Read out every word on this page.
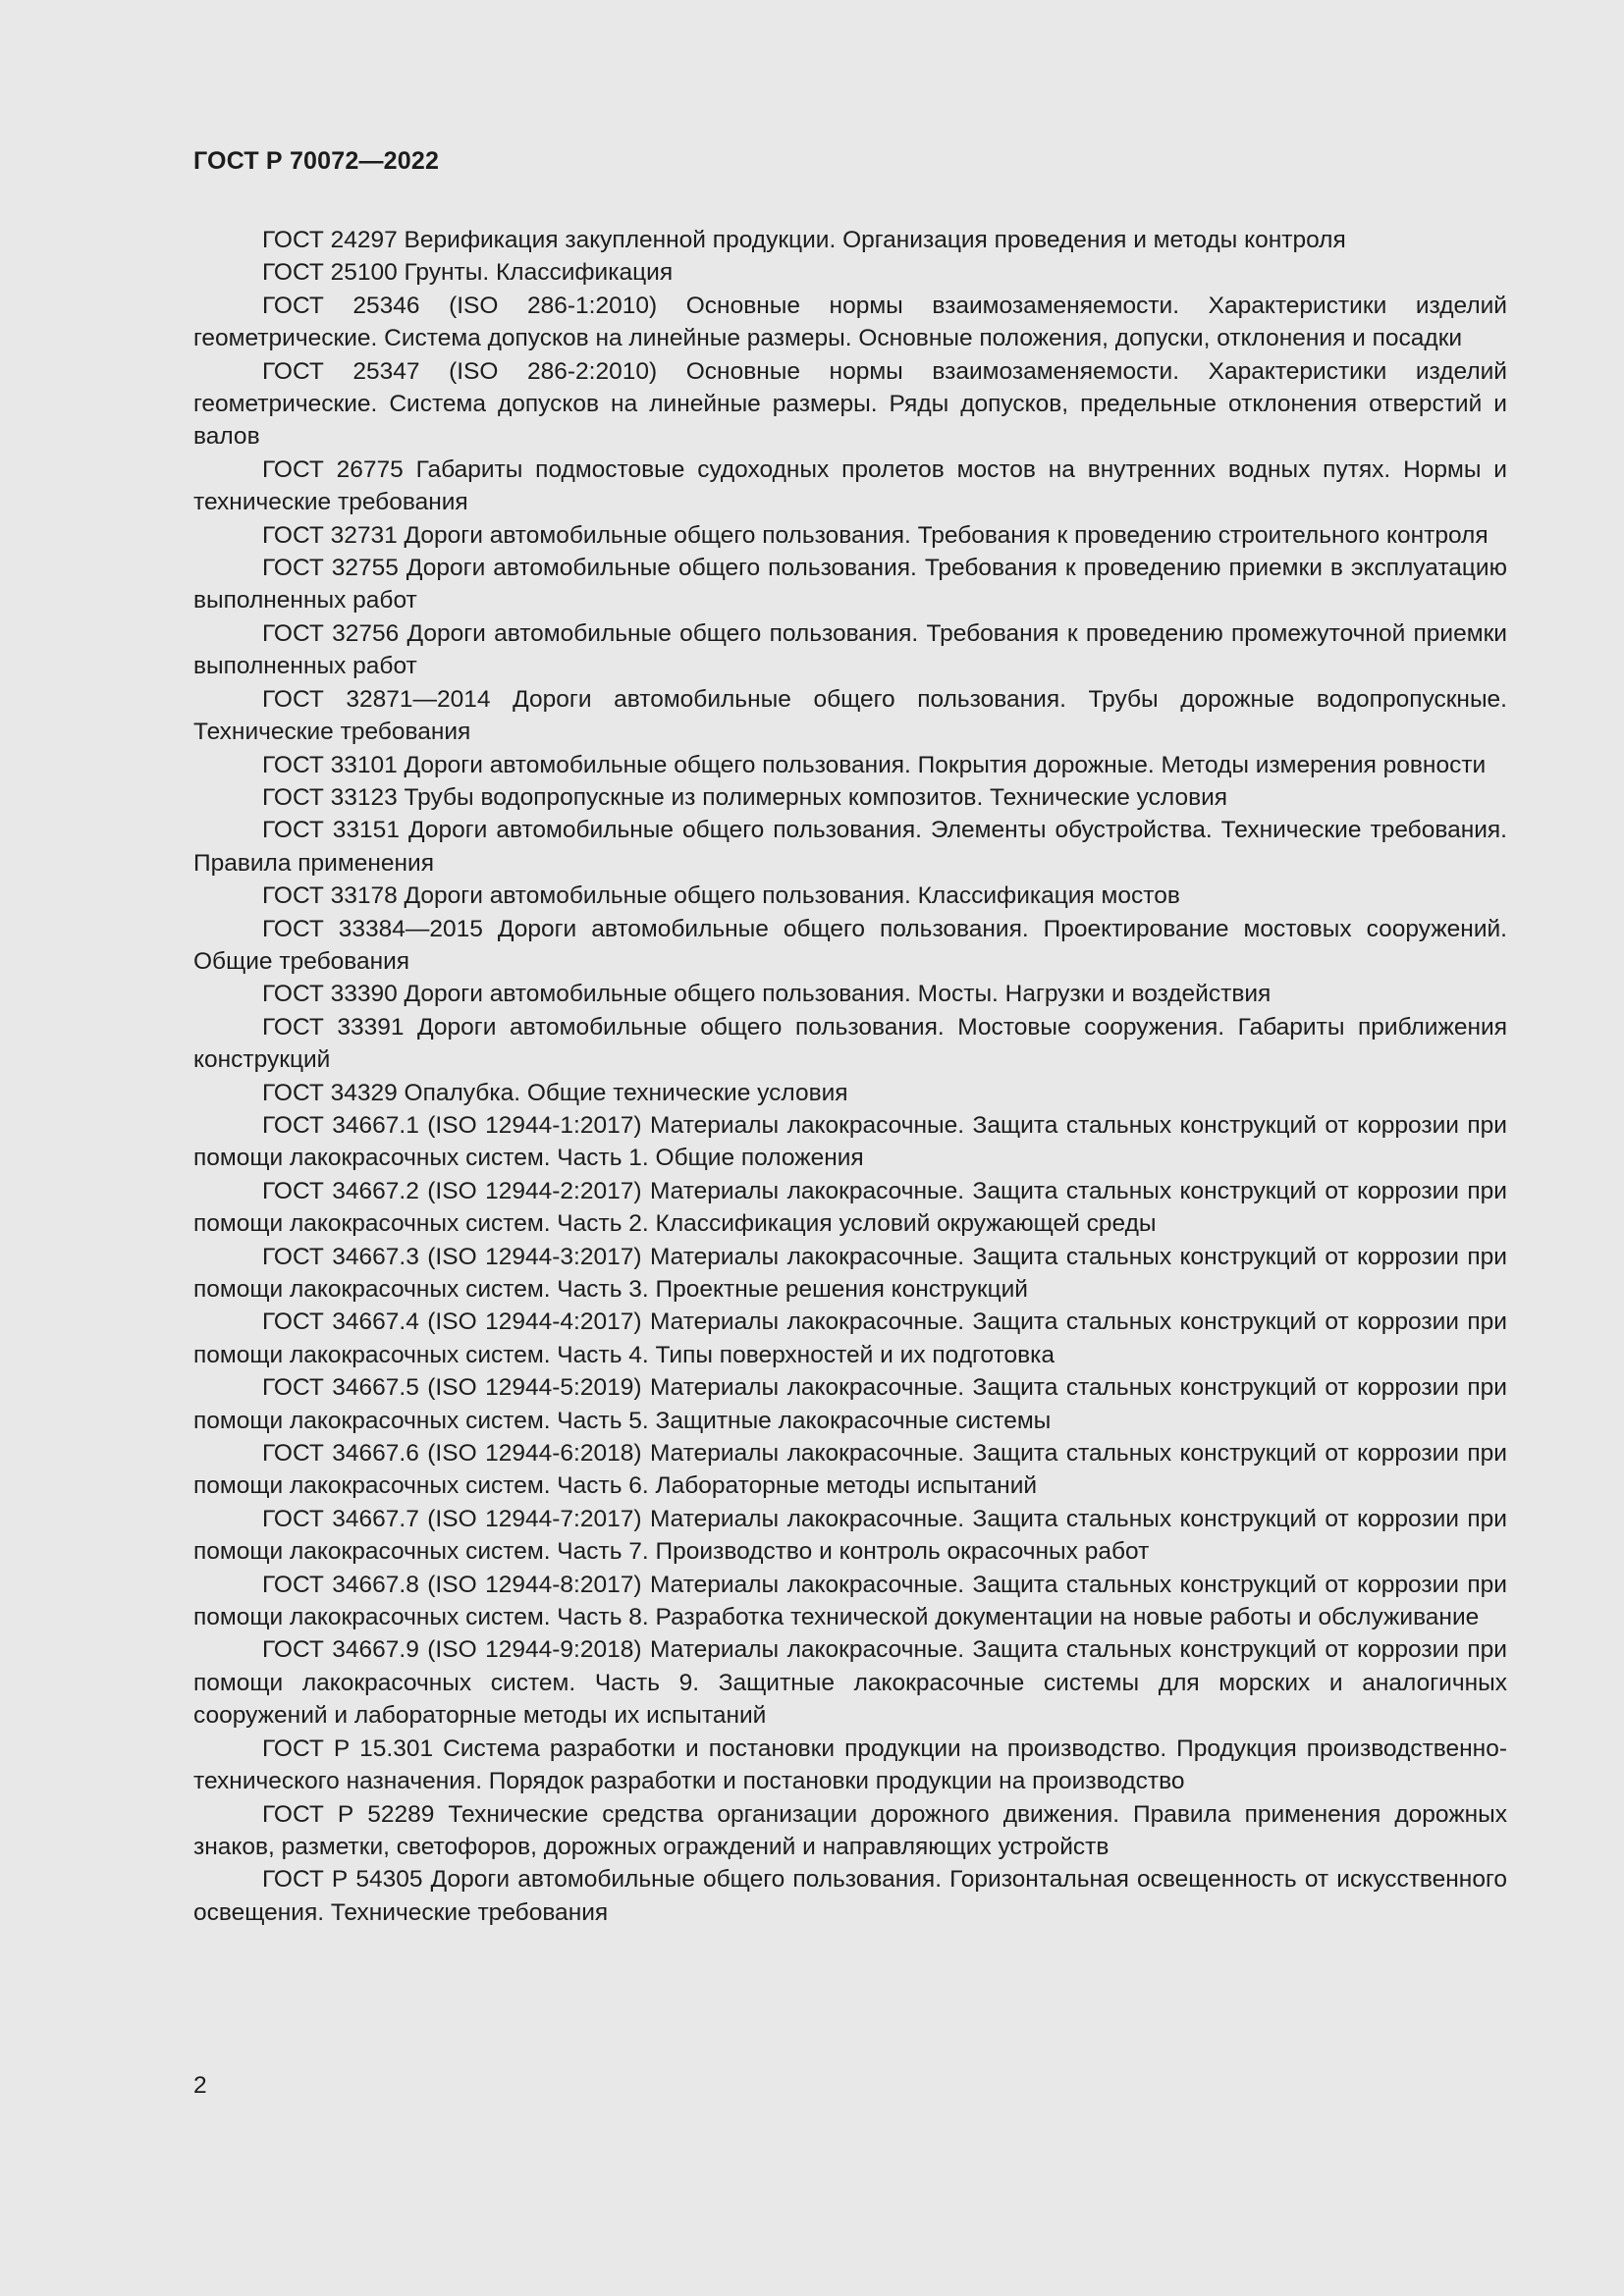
ГОСТ Р 70072—2022

ГОСТ 24297 Верификация закупленной продукции. Организация проведения и методы контроля

ГОСТ 25100 Грунты. Классификация

ГОСТ 25346 (ISO 286-1:2010) Основные нормы взаимозаменяемости. Характеристики изделий геометрические. Система допусков на линейные размеры. Основные положения, допуски, отклонения и посадки

ГОСТ 25347 (ISO 286-2:2010) Основные нормы взаимозаменяемости. Характеристики изделий геометрические. Система допусков на линейные размеры. Ряды допусков, предельные отклонения отверстий и валов

ГОСТ 26775 Габариты подмостовые судоходных пролетов мостов на внутренних водных путях. Нормы и технические требования

ГОСТ 32731 Дороги автомобильные общего пользования. Требования к проведению строительного контроля

ГОСТ 32755 Дороги автомобильные общего пользования. Требования к проведению приемки в эксплуатацию выполненных работ

ГОСТ 32756 Дороги автомобильные общего пользования. Требования к проведению промежуточной приемки выполненных работ

ГОСТ 32871—2014 Дороги автомобильные общего пользования. Трубы дорожные водопропускные. Технические требования

ГОСТ 33101 Дороги автомобильные общего пользования. Покрытия дорожные. Методы измерения ровности

ГОСТ 33123 Трубы водопропускные из полимерных композитов. Технические условия

ГОСТ 33151 Дороги автомобильные общего пользования. Элементы обустройства. Технические требования. Правила применения

ГОСТ 33178 Дороги автомобильные общего пользования. Классификация мостов

ГОСТ 33384—2015 Дороги автомобильные общего пользования. Проектирование мостовых сооружений. Общие требования

ГОСТ 33390 Дороги автомобильные общего пользования. Мосты. Нагрузки и воздействия

ГОСТ 33391 Дороги автомобильные общего пользования. Мостовые сооружения. Габариты приближения конструкций

ГОСТ 34329 Опалубка. Общие технические условия

ГОСТ 34667.1 (ISO 12944-1:2017) Материалы лакокрасочные. Защита стальных конструкций от коррозии при помощи лакокрасочных систем. Часть 1. Общие положения

ГОСТ 34667.2 (ISO 12944-2:2017) Материалы лакокрасочные. Защита стальных конструкций от коррозии при помощи лакокрасочных систем. Часть 2. Классификация условий окружающей среды

ГОСТ 34667.3 (ISO 12944-3:2017) Материалы лакокрасочные. Защита стальных конструкций от коррозии при помощи лакокрасочных систем. Часть 3. Проектные решения конструкций

ГОСТ 34667.4 (ISO 12944-4:2017) Материалы лакокрасочные. Защита стальных конструкций от коррозии при помощи лакокрасочных систем. Часть 4. Типы поверхностей и их подготовка

ГОСТ 34667.5 (ISO 12944-5:2019) Материалы лакокрасочные. Защита стальных конструкций от коррозии при помощи лакокрасочных систем. Часть 5. Защитные лакокрасочные системы

ГОСТ 34667.6 (ISO 12944-6:2018) Материалы лакокрасочные. Защита стальных конструкций от коррозии при помощи лакокрасочных систем. Часть 6. Лабораторные методы испытаний

ГОСТ 34667.7 (ISO 12944-7:2017) Материалы лакокрасочные. Защита стальных конструкций от коррозии при помощи лакокрасочных систем. Часть 7. Производство и контроль окрасочных работ

ГОСТ 34667.8 (ISO 12944-8:2017) Материалы лакокрасочные. Защита стальных конструкций от коррозии при помощи лакокрасочных систем. Часть 8. Разработка технической документации на новые работы и обслуживание

ГОСТ 34667.9 (ISO 12944-9:2018) Материалы лакокрасочные. Защита стальных конструкций от коррозии при помощи лакокрасочных систем. Часть 9. Защитные лакокрасочные системы для морских и аналогичных сооружений и лабораторные методы их испытаний

ГОСТ Р 15.301 Система разработки и постановки продукции на производство. Продукция производственно-технического назначения. Порядок разработки и постановки продукции на производство

ГОСТ Р 52289 Технические средства организации дорожного движения. Правила применения дорожных знаков, разметки, светофоров, дорожных ограждений и направляющих устройств

ГОСТ Р 54305 Дороги автомобильные общего пользования. Горизонтальная освещенность от искусственного освещения. Технические требования

2
